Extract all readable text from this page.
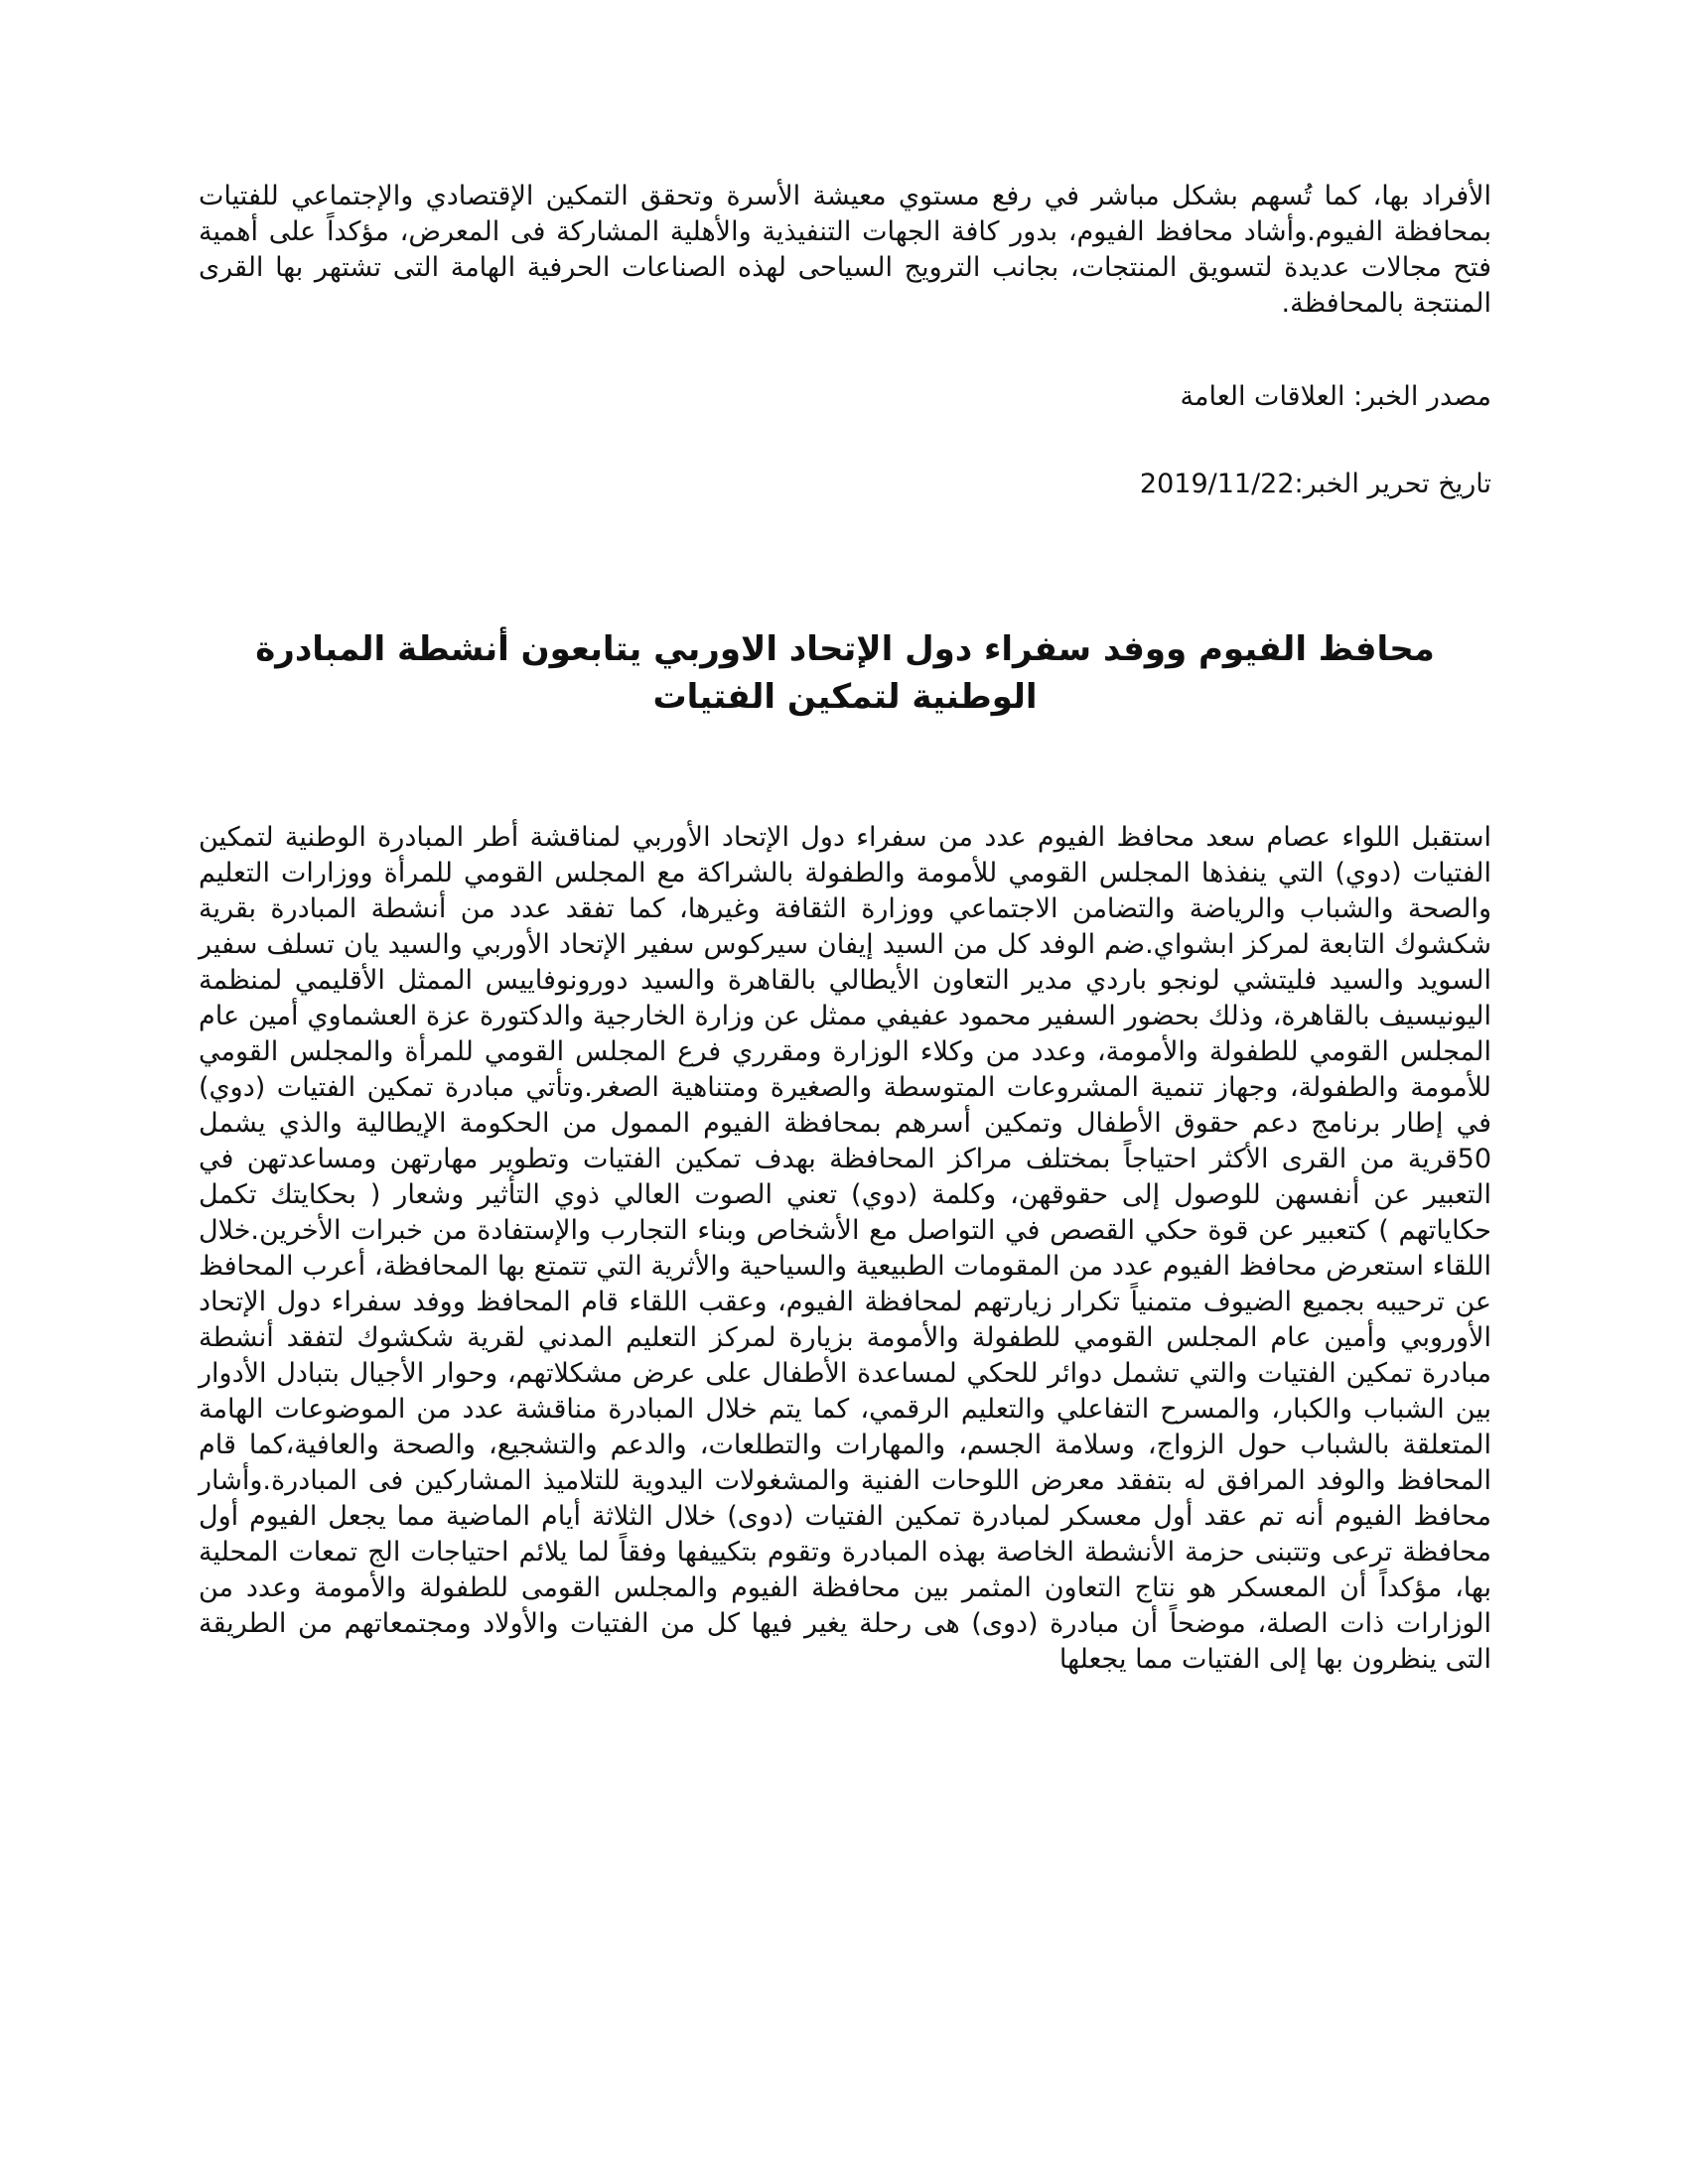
الأفراد بها، كما تُسهم بشكل مباشر في رفع مستوي معيشة الأسرة وتحقق التمكين الإقتصادي والإجتماعي للفتيات بمحافظة الفيوم.وأشاد محافظ الفيوم، بدور كافة الجهات التنفيذية والأهلية المشاركة فى المعرض، مؤكداً على أهمية فتح مجالات عديدة لتسويق المنتجات، بجانب الترويج السياحى لهذه الصناعات الحرفية الهامة التى تشتهر بها القرى المنتجة بالمحافظة.

مصدر الخبر: العلاقات العامة

تاريخ تحرير الخبر:2019/11/22

محافظ الفيوم ووفد سفراء دول الإتحاد الاوربي يتابعون أنشطة المبادرة الوطنية لتمكين الفتيات

استقبل اللواء عصام سعد محافظ الفيوم عدد من سفراء دول الإتحاد الأوربي لمناقشة أطر المبادرة الوطنية لتمكين الفتيات (دوي) التي ينفذها المجلس القومي للأمومة والطفولة بالشراكة مع المجلس القومي للمرأة ووزارات التعليم والصحة والشباب والرياضة والتضامن الاجتماعي ووزارة الثقافة وغيرها، كما تفقد عدد من أنشطة المبادرة بقرية شكشوك التابعة لمركز ابشواي.ضم الوفد كل من السيد إيفان سيركوس سفير الإتحاد الأوربي والسيد يان تسلف سفير السويد والسيد فليتشي لونجو باردي مدير التعاون الأيطالي بالقاهرة والسيد دورونوفاييس الممثل الأقليمي لمنظمة اليونيسيف بالقاهرة، وذلك بحضور السفير محمود عفيفي ممثل عن وزارة الخارجية والدكتورة عزة العشماوي أمين عام المجلس القومي للطفولة والأمومة، وعدد من وكلاء الوزارة ومقرري فرع المجلس القومي للمرأة والمجلس القومي للأمومة والطفولة، وجهاز تنمية المشروعات المتوسطة والصغيرة ومتناهية الصغر.وتأتي مبادرة تمكين الفتيات (دوي) في إطار برنامج دعم حقوق الأطفال وتمكين أسرهم بمحافظة الفيوم الممول من الحكومة الإيطالية والذي يشمل 50قرية من القرى الأكثر احتياجاً بمختلف مراكز المحافظة بهدف تمكين الفتيات وتطوير مهارتهن ومساعدتهن في التعبير عن أنفسهن للوصول إلى حقوقهن، وكلمة (دوي) تعني الصوت العالي ذوي التأثير وشعار ( بحكايتك تكمل حكاياتهم ) كتعبير عن قوة حكي القصص في التواصل مع الأشخاص وبناء التجارب والإستفادة من خبرات الأخرين.خلال اللقاء استعرض محافظ الفيوم عدد من المقومات الطبيعية والسياحية والأثرية التي تتمتع بها المحافظة، أعرب المحافظ عن ترحيبه بجميع الضيوف متمنياً تكرار زيارتهم لمحافظة الفيوم، وعقب اللقاء قام المحافظ ووفد سفراء دول الإتحاد الأوروبي وأمين عام المجلس القومي للطفولة والأمومة بزيارة لمركز التعليم المدني لقرية شكشوك لتفقد أنشطة مبادرة تمكين الفتيات والتي تشمل دوائر للحكي لمساعدة الأطفال على عرض مشكلاتهم، وحوار الأجيال بتبادل الأدوار بين الشباب والكبار، والمسرح التفاعلي والتعليم الرقمي، كما يتم خلال المبادرة مناقشة عدد من الموضوعات الهامة المتعلقة بالشباب حول الزواج، وسلامة الجسم، والمهارات والتطلعات، والدعم والتشجيع، والصحة والعافية،كما قام المحافظ والوفد المرافق له بتفقد معرض اللوحات الفنية والمشغولات اليدوية للتلاميذ المشاركين فى المبادرة.وأشار محافظ الفيوم أنه تم عقد أول معسكر لمبادرة تمكين الفتيات (دوى) خلال الثلاثة أيام الماضية مما يجعل الفيوم أول محافظة ترعى وتتبنى حزمة الأنشطة الخاصة بهذه المبادرة وتقوم بتكييفها وفقاً لما يلائم احتياجات الج تمعات المحلية بها، مؤكداً أن المعسكر هو نتاج التعاون المثمر بين محافظة الفيوم والمجلس القومى للطفولة والأمومة وعدد من الوزارات ذات الصلة، موضحاً أن مبادرة (دوى) هى رحلة يغير فيها كل من الفتيات والأولاد ومجتمعاتهم من الطريقة التى ينظرون بها إلى الفتيات مما يجعلها
